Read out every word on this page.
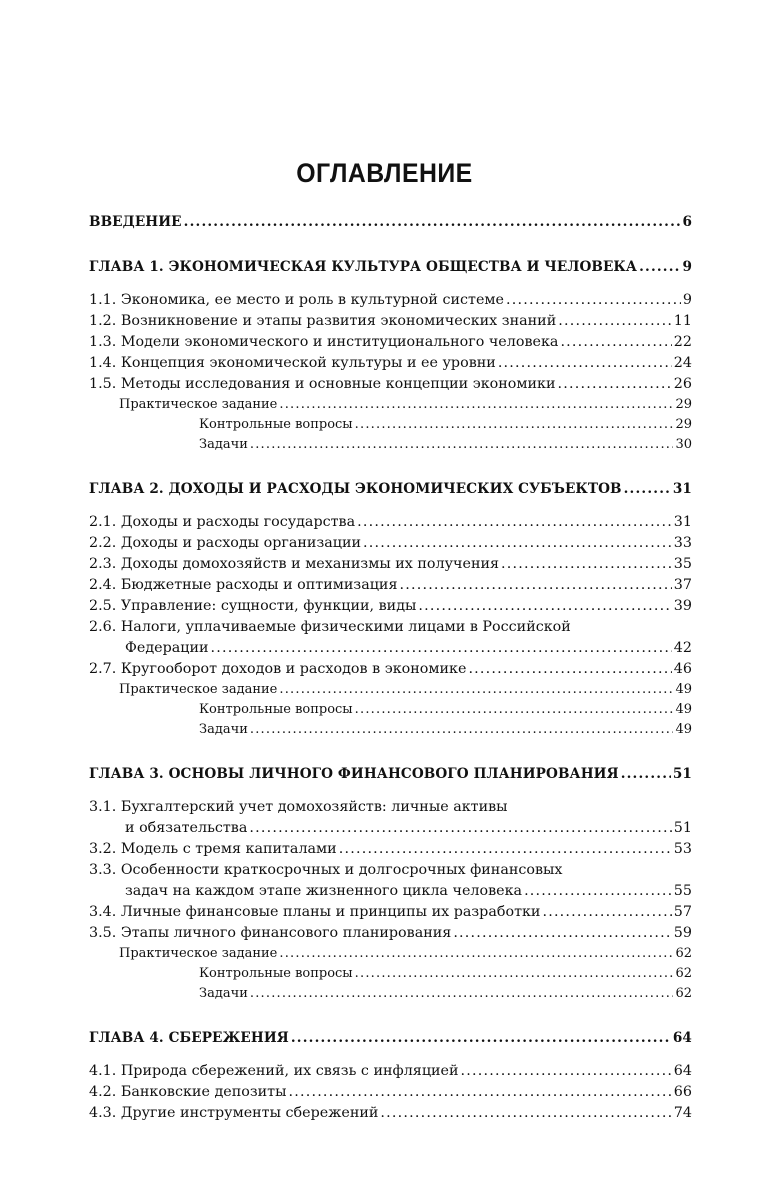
ОГЛАВЛЕНИЕ
ВВЕДЕНИЕ .....	6
ГЛАВА 1. ЭКОНОМИЧЕСКАЯ КУЛЬТУРА ОБЩЕСТВА И ЧЕЛОВЕКА .....	9
1.1. Экономика, ее место и роль в культурной системе .....	9
1.2. Возникновение и этапы развития экономических знаний .....	11
1.3. Модели экономического и институционального человека .....	22
1.4. Концепция экономической культуры и ее уровни .....	24
1.5. Методы исследования и основные концепции экономики .....	26
Практическое задание .....	29
Контрольные вопросы .....	29
Задачи .....	30
ГЛАВА 2. ДОХОДЫ И РАСХОДЫ ЭКОНОМИЧЕСКИХ СУБЪЕКТОВ .....	31
2.1. Доходы и расходы государства .....	31
2.2. Доходы и расходы организации .....	33
2.3. Доходы домохозяйств и механизмы их получения .....	35
2.4. Бюджетные расходы и оптимизация .....	37
2.5. Управление: сущности, функции, виды .....	39
2.6. Налоги, уплачиваемые физическими лицами в Российской
Федерации .....	42
2.7. Кругооборот доходов и расходов в экономике .....	46
Практическое задание .....	49
Контрольные вопросы .....	49
Задачи .....	49
ГЛАВА 3. ОСНОВЫ ЛИЧНОГО ФИНАНСОВОГО ПЛАНИРОВАНИЯ .....	51
3.1. Бухгалтерский учет домохозяйств: личные активы
и обязательства .....	51
3.2. Модель с тремя капиталами .....	53
3.3. Особенности краткосрочных и долгосрочных финансовых
задач на каждом этапе жизненного цикла человека .....	55
3.4. Личные финансовые планы и принципы их разработки .....	57
3.5. Этапы личного финансового планирования .....	59
Практическое задание .....	62
Контрольные вопросы .....	62
Задачи .....	62
ГЛАВА 4. СБЕРЕЖЕНИЯ .....	64
4.1. Природа сбережений, их связь с инфляцией .....	64
4.2. Банковские депозиты .....	66
4.3. Другие инструменты сбережений .....	74
